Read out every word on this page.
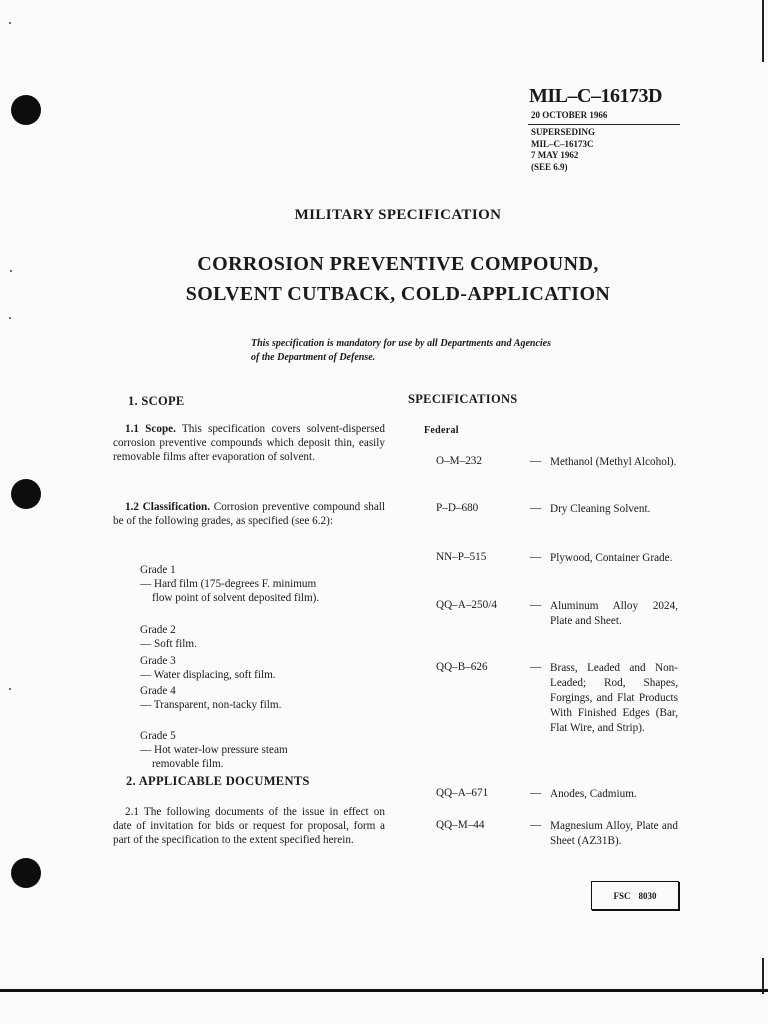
MIL–C–16173D
20 OCTOBER 1966
SUPERSEDING
MIL–C–16173C
7 MAY 1962
(SEE 6.9)
MILITARY SPECIFICATION
CORROSION PREVENTIVE COMPOUND,
SOLVENT CUTBACK, COLD-APPLICATION
This specification is mandatory for use by all Departments and Agencies of the Department of Defense.
1. SCOPE
1.1 Scope. This specification covers solvent-dispersed corrosion preventive compounds which deposit thin, easily removable films after evaporation of solvent.
1.2 Classification. Corrosion preventive compound shall be of the following grades, as specified (see 6.2):
Grade 1— Hard film (175-degrees F. minimum flow point of solvent deposited film).
Grade 2— Soft film.
Grade 3— Water displacing, soft film.
Grade 4— Transparent, non-tacky film.
Grade 5— Hot water-low pressure steam removable film.
2. APPLICABLE DOCUMENTS
2.1 The following documents of the issue in effect on date of invitation for bids or request for proposal, form a part of the specification to the extent specified herein.
SPECIFICATIONS
Federal
O–M–232	— Methanol (Methyl Alcohol).
P–D–680	— Dry Cleaning Solvent.
NN–P–515	— Plywood, Container Grade.
QQ–A–250/4	— Aluminum Alloy 2024, Plate and Sheet.
QQ–B–626	— Brass, Leaded and Non-Leaded; Rod, Shapes, Forgings, and Flat Products With Finished Edges (Bar, Flat Wire, and Strip).
QQ–A–671	— Anodes, Cadmium.
QQ–M–44	— Magnesium Alloy, Plate and Sheet (AZ31B).
FSC 8030
